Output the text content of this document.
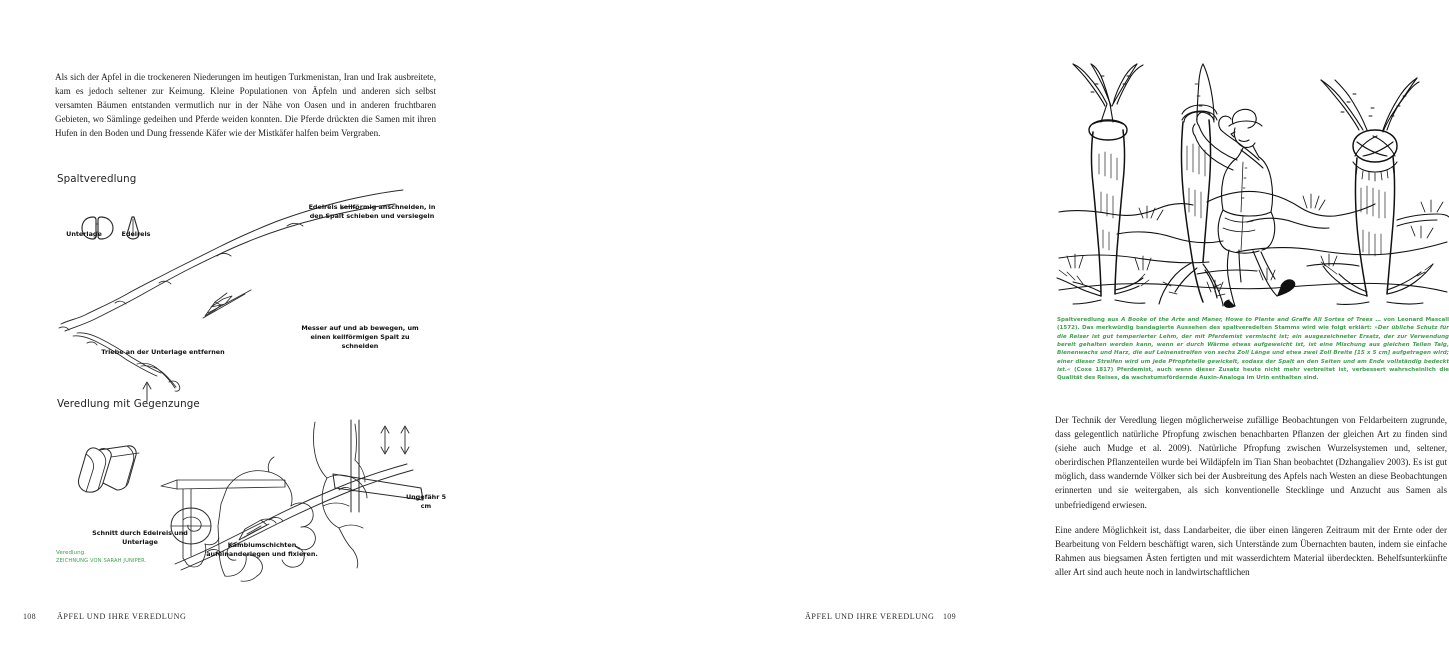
Als sich der Apfel in die trockeneren Niederungen im heutigen Turkmenistan, Iran und Irak ausbreitete, kam es jedoch seltener zur Keimung. Kleine Populationen von Äpfeln und anderen sich selbst versamten Bäumen entstanden vermutlich nur in der Nähe von Oasen und in anderen fruchtbaren Gebieten, wo Sämlinge gedeihen und Pferde weiden konnten. Die Pferde drückten die Samen mit ihren Hufen in den Boden und Dung fressende Käfer wie der Mistkäfer halfen beim Vergraben.

Spaltveredlung
Unterlage	Edelreis
Edelreis keilförmig anschneiden, in den Spalt schieben und versiegeln
Triebe an der Unterlage entfernen
Messer auf und ab bewegen, um einen keilförmigen Spalt zu schneiden
Veredlung mit Gegenzunge
Schnitt durch Edelreis und Unterlage	Kambiumschichten aufeinanderlegen und fixieren.
Ungefähr 5 cm
Veredlung.
ZEICHNUNG VON SARAH JUNIPER.
108	ÄPFEL UND IHRE VEREDLUNG
Spaltveredlung aus A Booke of the Arte and Maner, Howe to Plante and Graffe All Sortes of Trees … von Leonard Mascall (1572). Das merkwürdig bandagierte Aussehen des spaltveredelten Stamms wird wie folgt erklärt: »Der übliche Schutz für die Reiser ist gut temperierter Lehm, der mit Pferdemist vermischt ist; ein ausgezeichneter Ersatz, der zur Verwendung bereit gehalten werden kann, wenn er durch Wärme etwas aufgeweicht ist, ist eine Mischung aus gleichen Teilen Talg, Bienenwachs und Harz, die auf Leinenstreifen von sechs Zoll Länge und etwa zwei Zoll Breite [15 x 5 cm] aufgetragen wird; einer dieser Streifen wird um jede Pfropfstelle gewickelt, sodass der Spalt an den Seiten und am Ende vollständig bedeckt ist.« (Coxe 1817) Pferdemist, auch wenn dieser Zusatz heute nicht mehr verbreitet ist, verbessert wahrscheinlich die Qualität des Reises, da wachstumsfördernde Auxin-Analoga im Urin enthalten sind.

Der Technik der Veredlung liegen möglicherweise zufällige Beobachtungen von Feldarbeitern zugrunde, dass gelegentlich natürliche Pfropfung zwischen benachbarten Pflanzen der gleichen Art zu finden sind (siehe auch Mudge et al. 2009). Natürliche Pfropfung zwischen Wurzelsystemen und, seltener, oberirdischen Pflanzenteilen wurde bei Wildäpfeln im Tian Shan beobachtet (Dzhangaliev 2003). Es ist gut möglich, dass wandernde Völker sich bei der Ausbreitung des Apfels nach Westen an diese Beobachtungen erinnerten und sie weitergaben, als sich konventionelle Stecklinge und Anzucht aus Samen als unbefriedigend erwiesen.

Eine andere Möglichkeit ist, dass Landarbeiter, die über einen längeren Zeitraum mit der Ernte oder der Bearbeitung von Feldern beschäftigt waren, sich Unterstände zum Übernachten bauten, indem sie einfache Rahmen aus biegsamen Ästen fertigten und mit wasserdichtem Material überdeckten. Behelfsunterkünfte aller Art sind auch heute noch in landwirtschaftlichen

ÄPFEL UND IHRE VEREDLUNG 109
